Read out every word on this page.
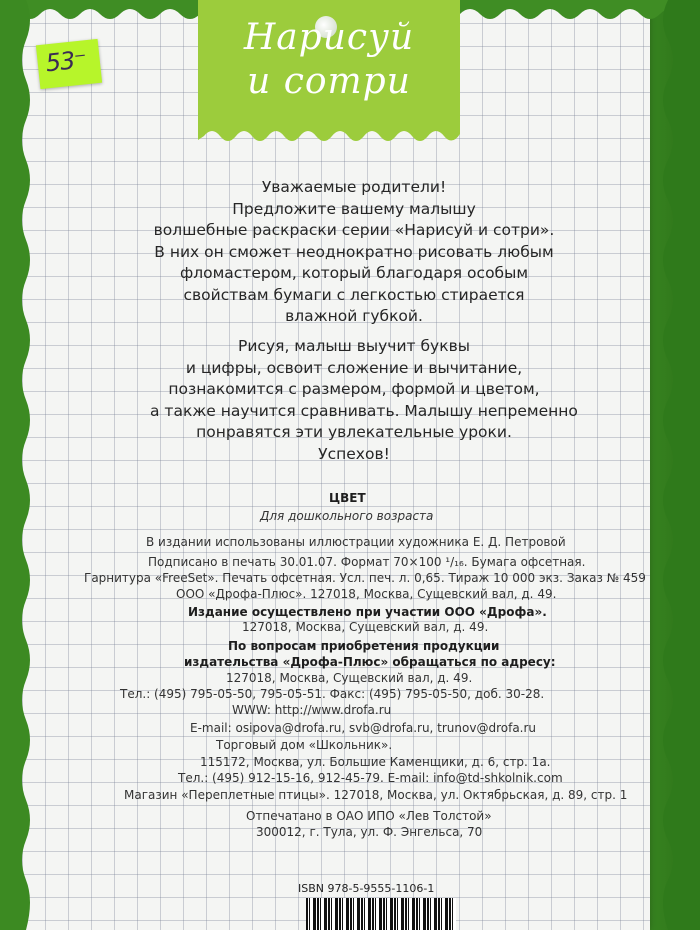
53⁻
Нарисуй
и сотри
Уважаемые родители!
Предложите вашему малышу
волшебные раскраски серии «Нарисуй и сотри».
В них он сможет неоднократно рисовать любым
фломастером, который благодаря особым
свойствам бумаги с легкостью стирается
влажной губкой.
Рисуя, малыш выучит буквы
и цифры, освоит сложение и вычитание,
познакомится с размером, формой и цветом,
а также научится сравнивать. Малышу непременно
понравятся эти увлекательные уроки.
Успехов!
ЦВЕТ
Для дошкольного возраста
В издании использованы иллюстрации художника Е. Д. Петровой
Подписано в печать 30.01.07. Формат 70×100 ¹/₁₆. Бумага офсетная.
Гарнитура «FreeSet». Печать офсетная. Усл. печ. л. 0,65. Тираж 10 000 экз. Заказ № 459
ООО «Дрофа-Плюс». 127018, Москва, Сущевский вал, д. 49.
Издание осуществлено при участии ООО «Дрофа».
127018, Москва, Сущевский вал, д. 49.
По вопросам приобретения продукции
издательства «Дрофа-Плюс» обращаться по адресу:
127018, Москва, Сущевский вал, д. 49.
Тел.: (495) 795-05-50, 795-05-51. Факс: (495) 795-05-50, доб. 30-28.
WWW: http://www.drofa.ru
E-mail: osipova@drofa.ru, svb@drofa.ru, trunov@drofa.ru
Торговый дом «Школьник».
115172, Москва, ул. Большие Каменщики, д. 6, стр. 1а.
Тел.: (495) 912-15-16, 912-45-79. E-mail: info@td-shkolnik.com
Магазин «Переплетные птицы». 127018, Москва, ул. Октябрьская, д. 89, стр. 1
Отпечатано в ОАО ИПО «Лев Толстой»
300012, г. Тула, ул. Ф. Энгельса, 70
ISBN 978-5-9555-1106-1
